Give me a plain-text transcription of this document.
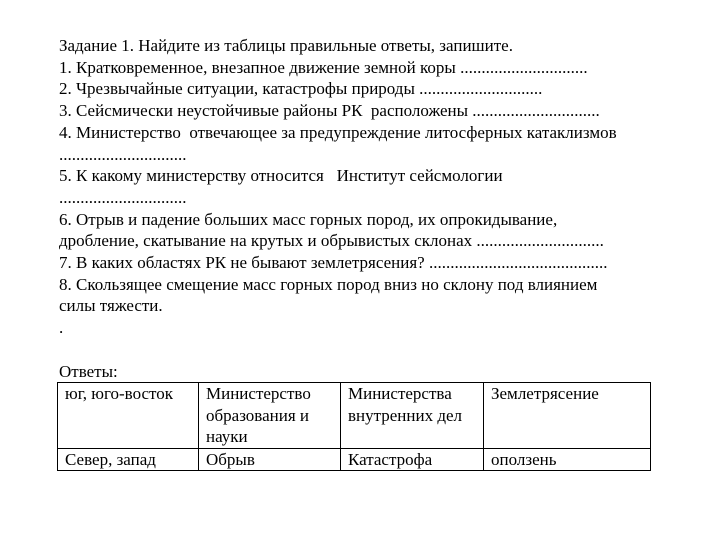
Задание 1. Найдите из таблицы правильные ответы, запишите.

1. Кратковременное, внезапное движение земной коры ..............................

2. Чрезвычайные ситуации, катастрофы природы .............................

3. Сейсмически неустойчивые районы РК  расположены ..............................

4. Министерство  отвечающее за предупреждение литосферных катаклизмов

..............................

5. К какому министерству относится   Институт сейсмологии

..............................

6. Отрыв и падение больших масс горных пород, их опрокидывание,

дробление, скатывание на крутых и обрывистых склонах ..............................

7. В каких областях РК не бывают землетрясения? ..........................................

8. Скользящее смещение масс горных пород вниз но склону под влиянием

силы тяжести.

.

Ответы:

юг, юго-восток	Министерство образования и науки	Министерства внутренних дел	Землетрясение
Север, запад	Обрыв	Катастрофа	оползень
